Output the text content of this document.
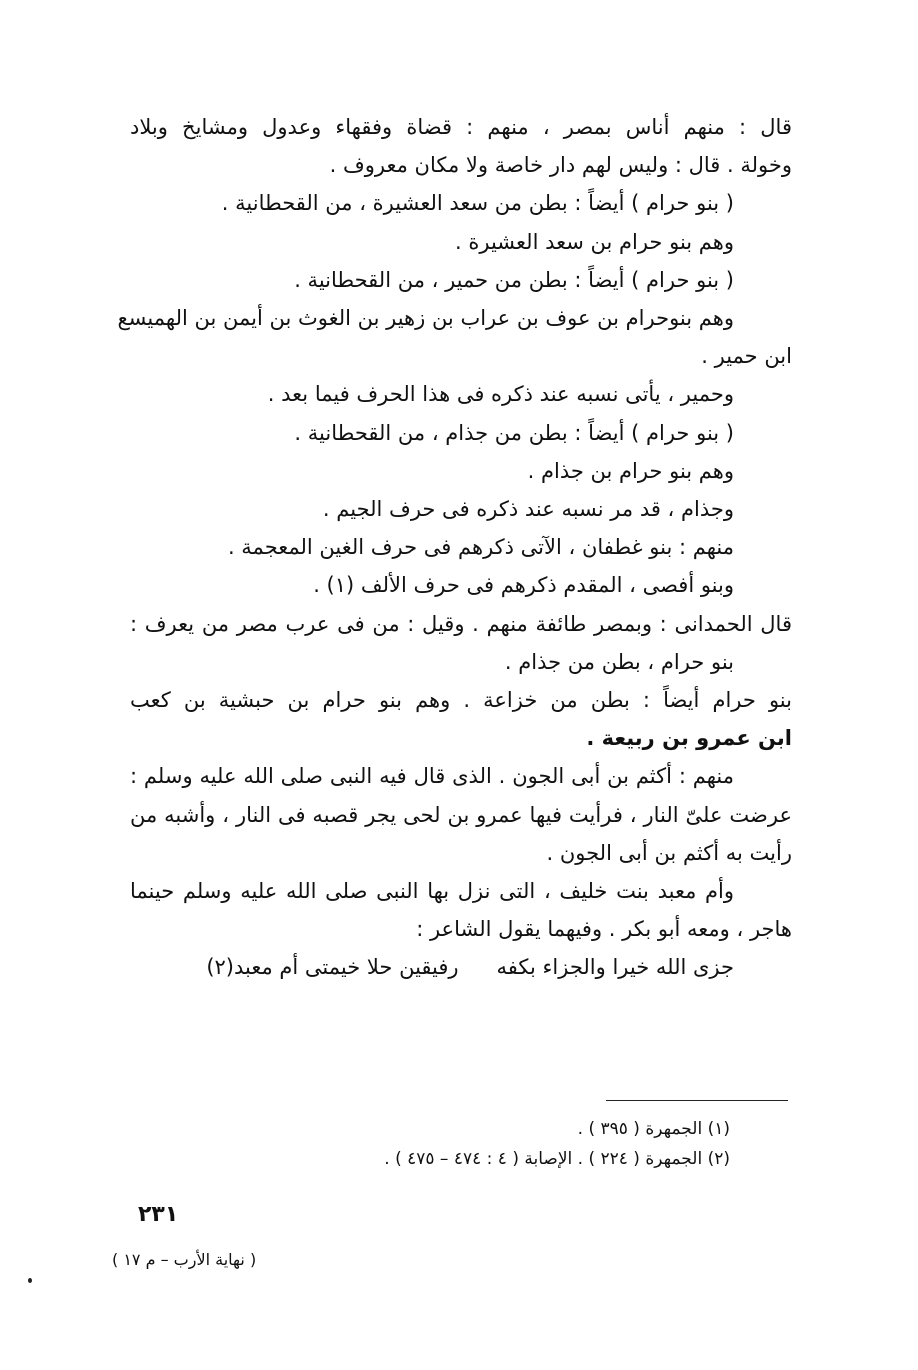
قال : منهم أناس بمصر ، منهم : قضاة وفقهاء وعدول ومشايخ وبلاد
وخولة . قال : وليس لهم دار خاصة ولا مكان معروف .
( بنو حرام ) أيضاً : بطن من سعد العشيرة ، من القحطانية .
وهم بنو حرام بن سعد العشيرة .
( بنو حرام ) أيضاً : بطن من حمير ، من القحطانية .
وهم بنوحرام بن عوف بن عراب بن زهير بن الغوث بن أيمن بن الهميسع
ابن حمير .
وحمير ، يأتى نسبه عند ذكره فى هذا الحرف فيما بعد .
( بنو حرام ) أيضاً : بطن من جذام ، من القحطانية .
وهم بنو حرام بن جذام .
وجذام ، قد مر نسبه عند ذكره فى حرف الجيم .
منهم : بنو غطفان ، الآتى ذكرهم فى حرف الغين المعجمة .
وبنو أفصى ، المقدم ذكرهم فى حرف الألف (١) .
قال الحمدانى : وبمصر طائفة منهم . وقيل : من فى عرب مصر من يعرف :
بنو حرام ، بطن من جذام .
بنو حرام أيضاً : بطن من خزاعة . وهم بنو حرام بن حبشية بن كعب
ابن عمرو بن ربيعة .
منهم : أكثم بن أبى الجون . الذى قال فيه النبى صلى الله عليه وسلم :
عرضت علىّ النار ، فرأيت فيها عمرو بن لحى يجر قصبه فى النار ، وأشبه من
رأيت به أكثم بن أبى الجون .
وأم معبد بنت خليف ، التى نزل بها النبى صلى الله عليه وسلم حينما
هاجر ، ومعه أبو بكر . وفيهما يقول الشاعر :
جزى الله خيرا والجزاء بكفه
رفيقين حلا خيمتى أم معبد(٢)
(١) الجمهرة ( ٣٩٥ ) .
(٢) الجمهرة ( ٢٢٤ ) . الإصابة ( ٤ : ٤٧٤ – ٤٧٥ ) .
٢٣١
( نهاية الأرب – م ١٧ )
